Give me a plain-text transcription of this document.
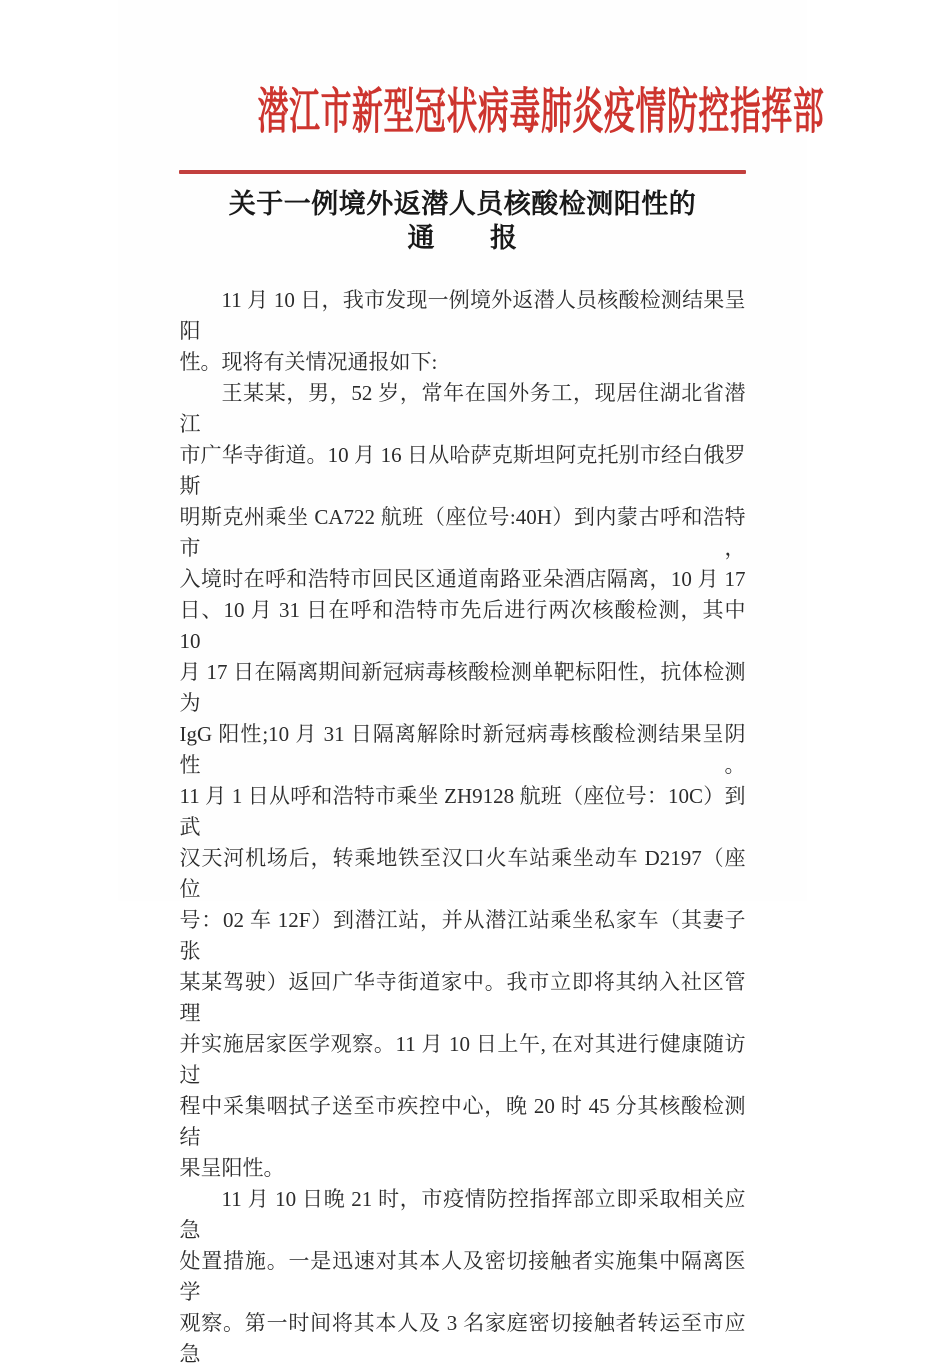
潜江市新型冠状病毒肺炎疫情防控指挥部
关于一例境外返潜人员核酸检测阳性的
通　　报
11 月 10 日，我市发现一例境外返潜人员核酸检测结果呈阳
性。现将有关情况通报如下:
王某某，男，52 岁，常年在国外务工，现居住湖北省潜江
市广华寺街道。10 月 16 日从哈萨克斯坦阿克托别市经白俄罗斯
明斯克州乘坐 CA722 航班（座位号:40H）到内蒙古呼和浩特市，
入境时在呼和浩特市回民区通道南路亚朵酒店隔离，10 月 17
日、10 月 31 日在呼和浩特市先后进行两次核酸检测，其中 10
月 17 日在隔离期间新冠病毒核酸检测单靶标阳性，抗体检测为
IgG 阳性;10 月 31 日隔离解除时新冠病毒核酸检测结果呈阴性。
11 月 1 日从呼和浩特市乘坐 ZH9128 航班（座位号：10C）到武
汉天河机场后，转乘地铁至汉口火车站乘坐动车 D2197（座位
号：02 车 12F）到潜江站，并从潜江站乘坐私家车（其妻子张
某某驾驶）返回广华寺街道家中。我市立即将其纳入社区管理
并实施居家医学观察。11 月 10 日上午, 在对其进行健康随访过
程中采集咽拭子送至市疾控中心，晚 20 时 45 分其核酸检测结
果呈阳性。
11 月 10 日晚 21 时，市疫情防控指挥部立即采取相关应急
处置措施。一是迅速对其本人及密切接触者实施集中隔离医学
观察。第一时间将其本人及 3 名家庭密切接触者转运至市应急
